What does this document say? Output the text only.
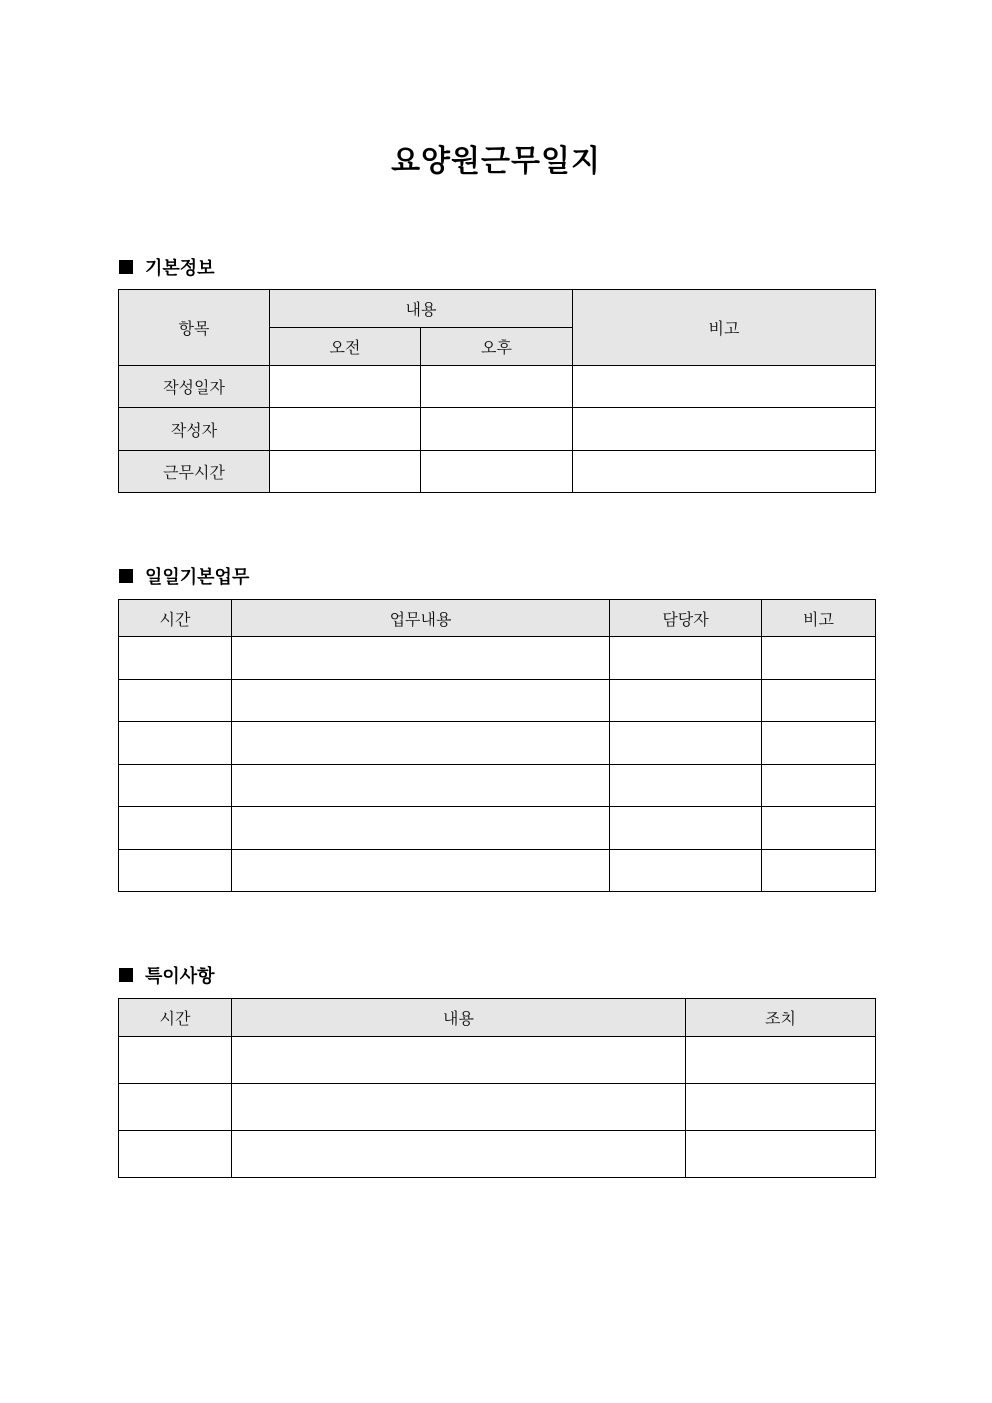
요양원근무일지
기본정보
항목	내용		비고
	오전	오후	
작성일자			
작성자			
근무시간			
일일기본업무
시간	업무내용	담당자	비고

특이사항
시간	내용	조치
